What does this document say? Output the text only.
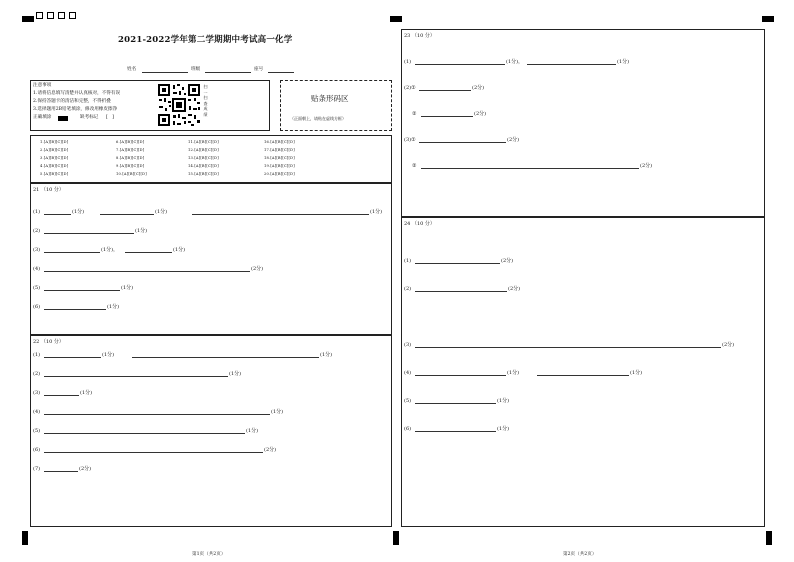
2021-2022学年第二学期期中考试高一化学
姓名	班级	座号
注意事项
1.请将信息填写清楚并认真核对，不得有误
2.保持答题卡的清洁和完整，不得折叠
3.选择题用2B铅笔填涂，修改用橡皮擦净
正确填涂	缺考标记 [   ]
扫一扫查成绩
贴条形码区
（正面朝上，请贴在虚线方框）
1.[A][B][C][D]	6.[A][B][C][D]	11.[A][B][C][D]	16.[A][B][C][D]
2.[A][B][C][D]	7.[A][B][C][D]	12.[A][B][C][D]	17.[A][B][C][D]
3.[A][B][C][D]	8.[A][B][C][D]	13.[A][B][C][D]	18.[A][B][C][D]
4.[A][B][C][D]	9.[A][B][C][D]	14.[A][B][C][D]	19.[A][B][C][D]
5.[A][B][C][D]	10.[A][B][C][D]	15.[A][B][C][D]	20.[A][B][C][D]
21 （10 分）
(1)	(1分)	(1分)	(1分)
(2)	(1分)
(3)	(1分)，	(1分)
(4)	(2分)
(5)	(1分)
(6)	(1分)
22 （10 分）
(1)	(1分)	(1分)
(2)	(1分)
(3)	(1分)
(4)	(1分)
(5)	(1分)
(6)	(2分)
(7)	(2分)
23 （10 分）
(1)	(1分)，	(1分)
(2)①	(2分)
②	(2分)
(3)①	(2分)
②	(2分)
24 （10 分）
(1)	(2分)
(2)	(2分)
(3)	(2分)
(4)	(1分)	(1分)
(5)	(1分)
(6)	(1分)
第1页（共2页）	第2页（共2页）
